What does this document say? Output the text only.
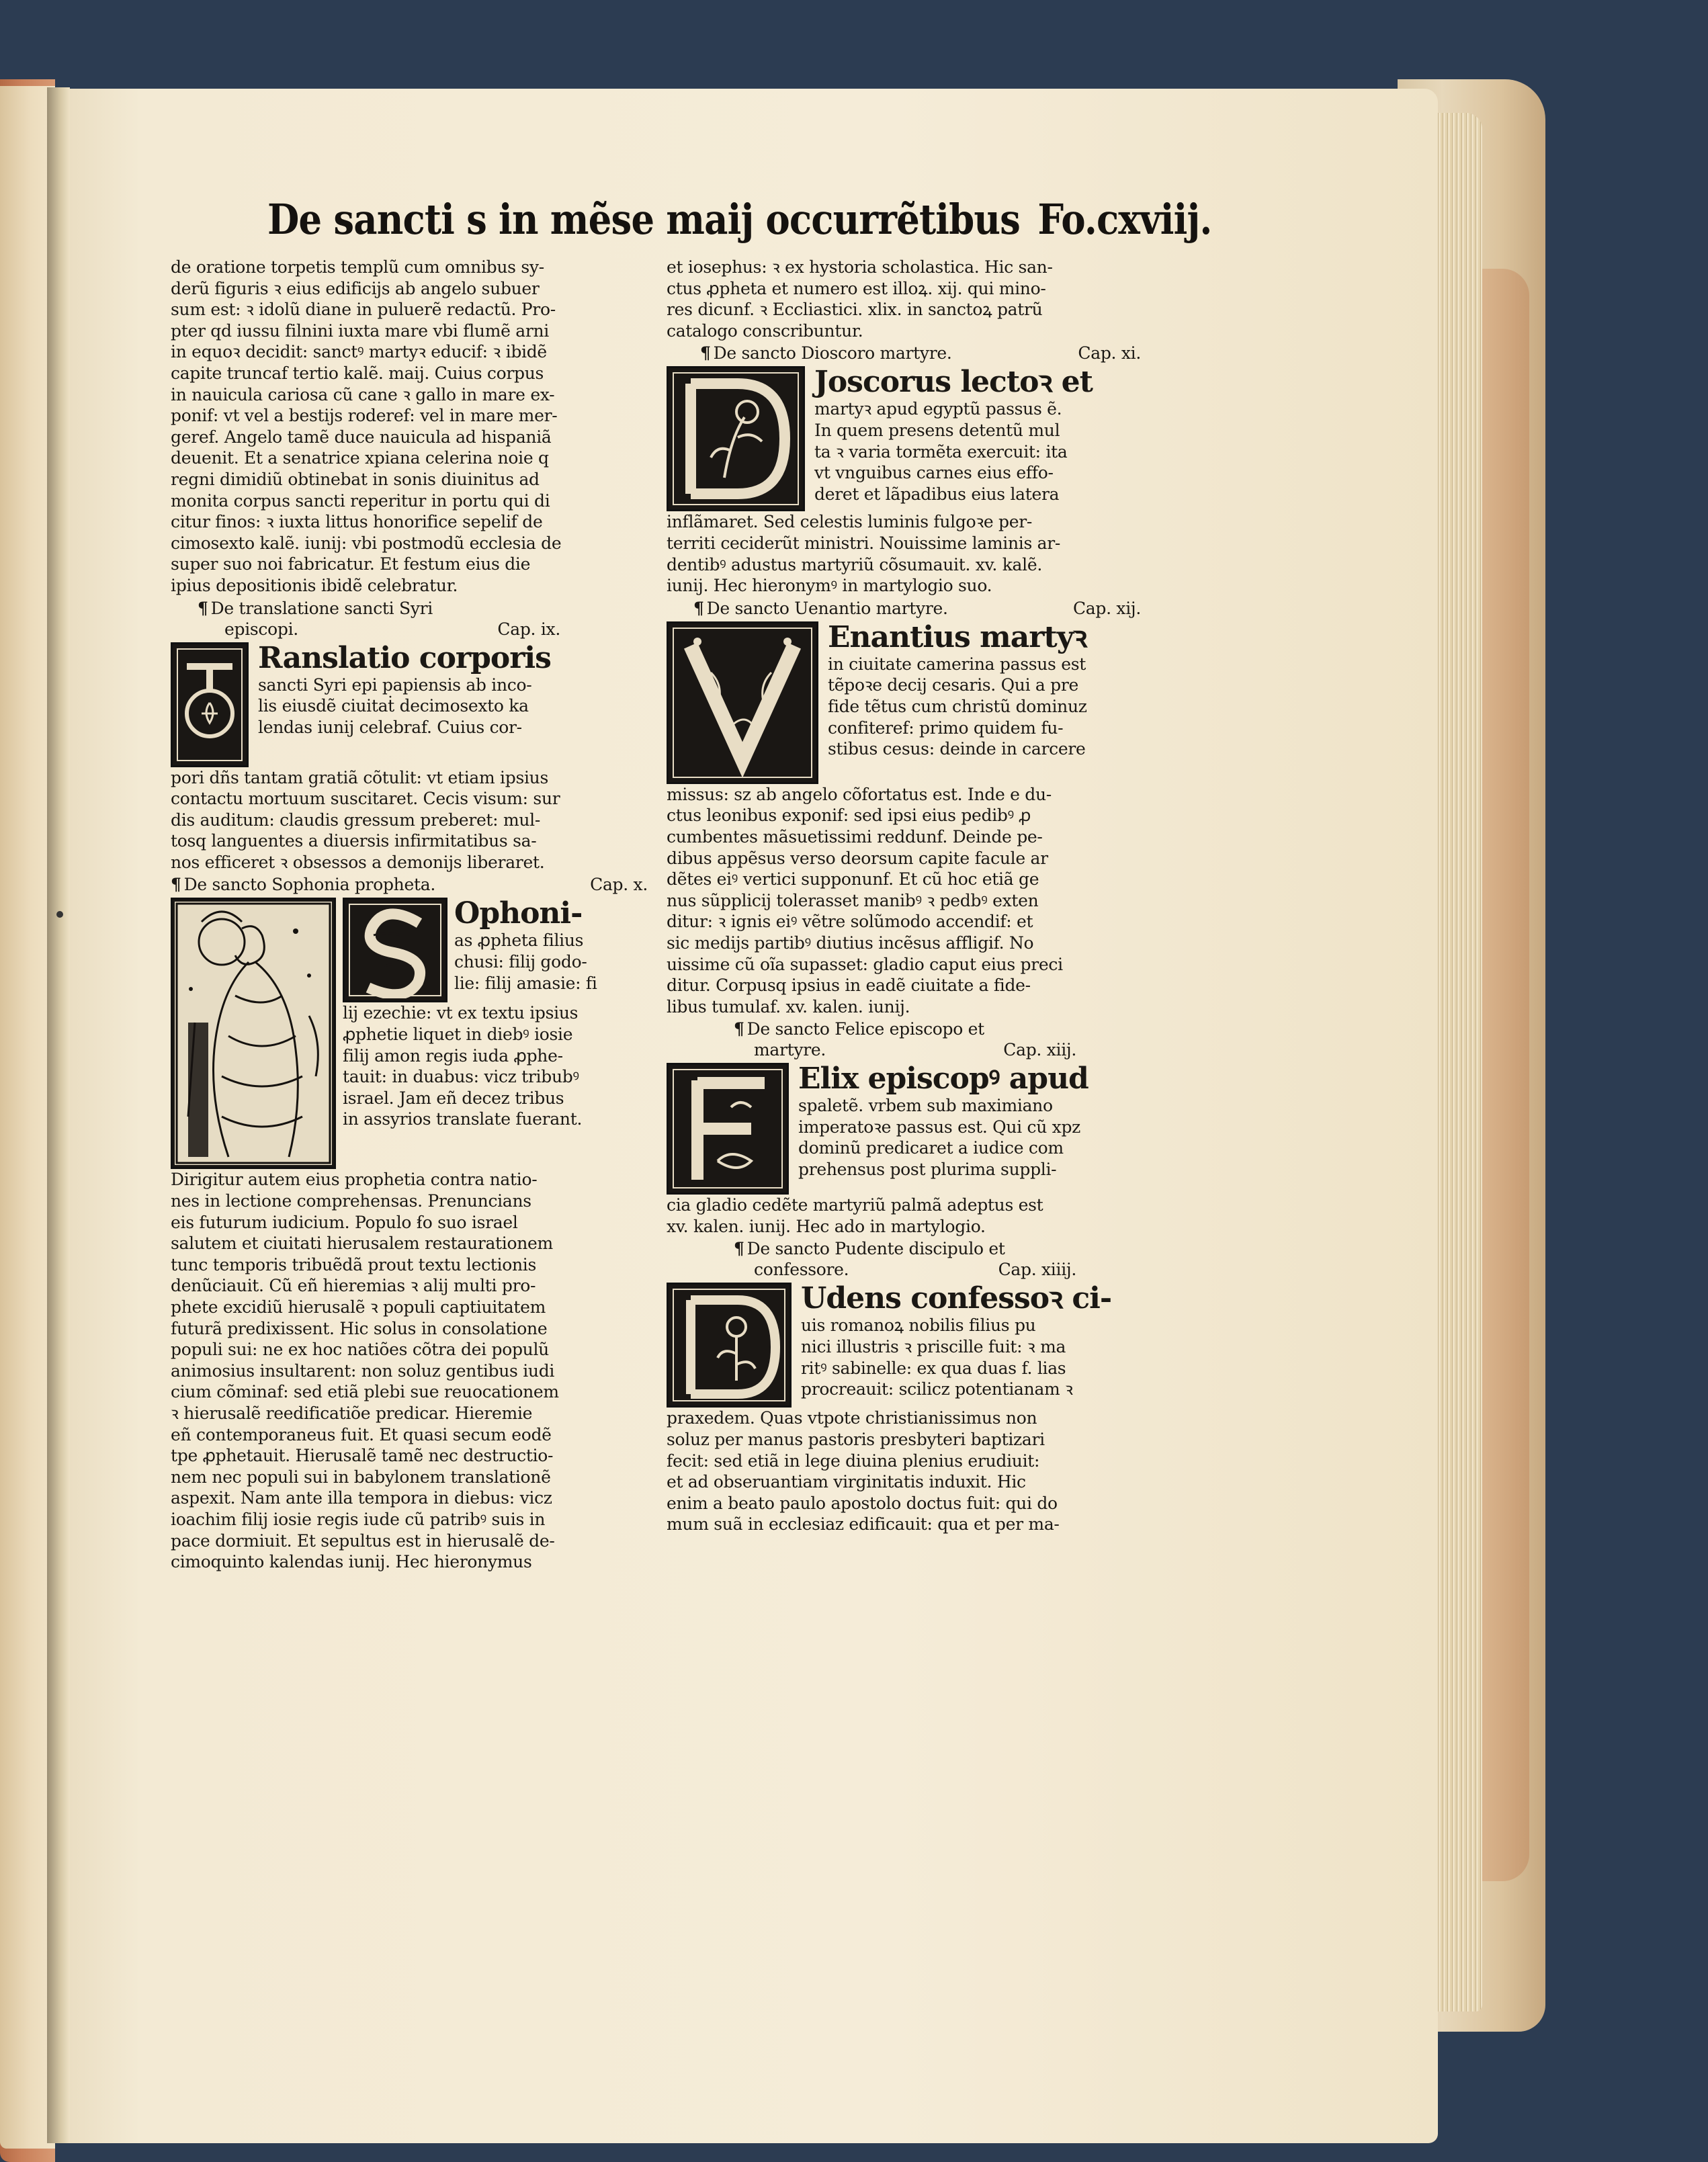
De sancti s in mẽse maij occurrẽtibus Fo.cxviij.

de oratione torpetis templũ cum omnibus sy-

derũ figuris ꝛ eius edificijs ab angelo subuer

sum est: ꝛ idolũ diane in puluerẽ redactũ. Pro-

pter qd iussu filnini iuxta mare vbi flumẽ arni

in equoꝛ decidit: sanctꝰ martyꝛ educif: ꝛ ibidẽ

capite truncaf tertio kalẽ. maij. Cuius corpus

in nauicula cariosa cũ cane ꝛ gallo in mare ex-

ponif: vt vel a bestijs roderef: vel in mare mer-

geref. Angelo tamẽ duce nauicula ad hispaniã

deuenit. Et a senatrice xpiana celerina noie q

regni dimidiũ obtinebat in sonis diuinitus ad

monita corpus sancti reperitur in portu qui di

citur finos: ꝛ iuxta littus honorifice sepelif de

cimosexto kalẽ. iunij: vbi postmodũ ecclesia de

super suo noi fabricatur. Et festum eius die

ipius depositionis ibidẽ celebratur.

¶ De translatione sancti Syri
episcopi.	Cap. ix.
Ranslatio corporis

sancti Syri epi papiensis ab inco-

lis eiusdẽ ciuitaṫ decimosexto ka

lendas iunij celebraf. Cuius cor-

pori dñs tantam gratiã cõtulit: vt etiam ipsius

contactu mortuum suscitaret. Cecis visum: sur

dis auditum: claudis gressum preberet: mul-

tosq languentes a diuersis infirmitatibus sa-

nos efficeret ꝛ obsessos a demonijs liberaret.

¶ De sancto Sophonia propheta.	Cap. x.
Ophoni-

as ꝓpheta filius

chusi: filij godo-

lie: filij amasie: fi

lij ezechie: vt ex textu ipsius

ꝓphetie liquet in diebꝰ iosie

filij amon regis iuda ꝓphe-

tauit: in duabus: vicz tribubꝰ

israel. Jam eñ decez tribus

in assyrios translate fuerant.

Dirigitur autem eius prophetia contra natio-

nes in lectione comprehensas. Prenuncians

eis futurum iudicium. Populo ẜo suo israel

salutem et ciuitati hierusalem restaurationem

tunc temporis tribuẽdã prout textu lectionis

denũciauit. Cũ eñ hieremias ꝛ alij multi pro-

phete excidiũ hierusalẽ ꝛ populi captiuitatem

futurã predixissent. Hic solus in consolatione

populi sui: ne ex hoc natiões cõtra dei populũ

animosius insultarent: non soluz gentibus iudi

cium cõminaf: sed etiã plebi sue reuocationem

ꝛ hierusalẽ reedificatiõe predicar. Hieremie

eñ contemporaneus fuit. Et quasi secum eodẽ

tpe ꝓphetauit. Hierusalẽ tamẽ nec destructio-

nem nec populi sui in babylonem translationẽ

aspexit. Nam ante illa tempora in diebus: vicz

ioachim filij iosie regis iude cũ patribꝰ suis in

pace dormiuit. Et sepultus est in hierusalẽ de-

cimoquinto kalendas iunij. Hec hieronymus

et iosephus: ꝛ ex hystoria scholastica. Hic san-

ctus ꝓpheta et numero est illoꝝ. xij. qui mino-

res dicunf. ꝛ Eccliastici. xlix. in sanctoꝝ patrũ

catalogo conscribuntur.

¶ De sancto Dioscoro martyre.	Cap. xi.
Joscorus lectoꝛ et

martyꝛ apud egyptũ passus ẽ.

In quem presens detentũ mul

ta ꝛ varia tormẽta exercuit: ita

vt vnguibus carnes eius effo-

deret et lãpadibus eius latera

inflãmaret. Sed celestis luminis fulgoꝛe per-

territi ceciderũt ministri. Nouissime laminis ar-

dentibꝰ adustus martyriũ cõsumauit. xv. kalẽ.

iunij. Hec hieronymꝰ in martylogio suo.

¶ De sancto Uenantio martyre.	Cap. xij.
Enantius martyꝛ

in ciuitate camerina passus est

tẽpoꝛe decij cesaris. Qui a pre

fide tẽtus cum christũ dominuz

confiteref: primo quidem fu-

stibus cesus: deinde in carcere

missus: sz ab angelo cõfortatus est. Inde e du-

ctus leonibus exponif: sed ipsi eius pedibꝰ ꝓ

cumbentes mãsuetissimi reddunf. Deinde pe-

dibus appẽsus verso deorsum capite facule ar

dẽtes eiꝰ vertici supponunf. Et cũ hoc etiã ge

nus sũpplicij tolerasset manibꝰ ꝛ pedbꝰ exten

ditur: ꝛ ignis eiꝰ vẽtre solũmodo accendif: et

sic medijs partibꝰ diutius incẽsus affligif. No

uissime cũ oĩa supasset: gladio caput eius preci

ditur. Corpusq ipsius in eadẽ ciuitate a fide-

libus tumulaf. xv. kalen. iunij.

¶ De sancto Felice episcopo et
martyre.	Cap. xiij.
Elix episcopꝰ apud

spaletẽ. vrbem sub maximiano

imperatoꝛe passus est. Qui cũ xpz

dominũ predicaret a iudice com

prehensus post plurima suppli-

cia gladio cedẽte martyriũ palmã adeptus est

xv. kalen. iunij. Hec ado in martylogio.

¶ De sancto Pudente discipulo et
confessore.	Cap. xiiij.
Udens confessoꝛ ci-

uis romanoꝝ nobilis filius pu

nici illustris ꝛ priscille fuit: ꝛ ma

ritꝰ sabinelle: ex qua duas f. lias

procreauit: scilicz potentianam ꝛ

praxedem. Quas vtpote christianissimus non

soluz per manus pastoris presbyteri baptizari

fecit: sed etiã in lege diuina plenius erudiuit:

et ad obseruantiam virginitatis induxit. Hic

enim a beato paulo apostolo doctus fuit: qui do

mum suã in ecclesiaz edificauit: qua et per ma-
